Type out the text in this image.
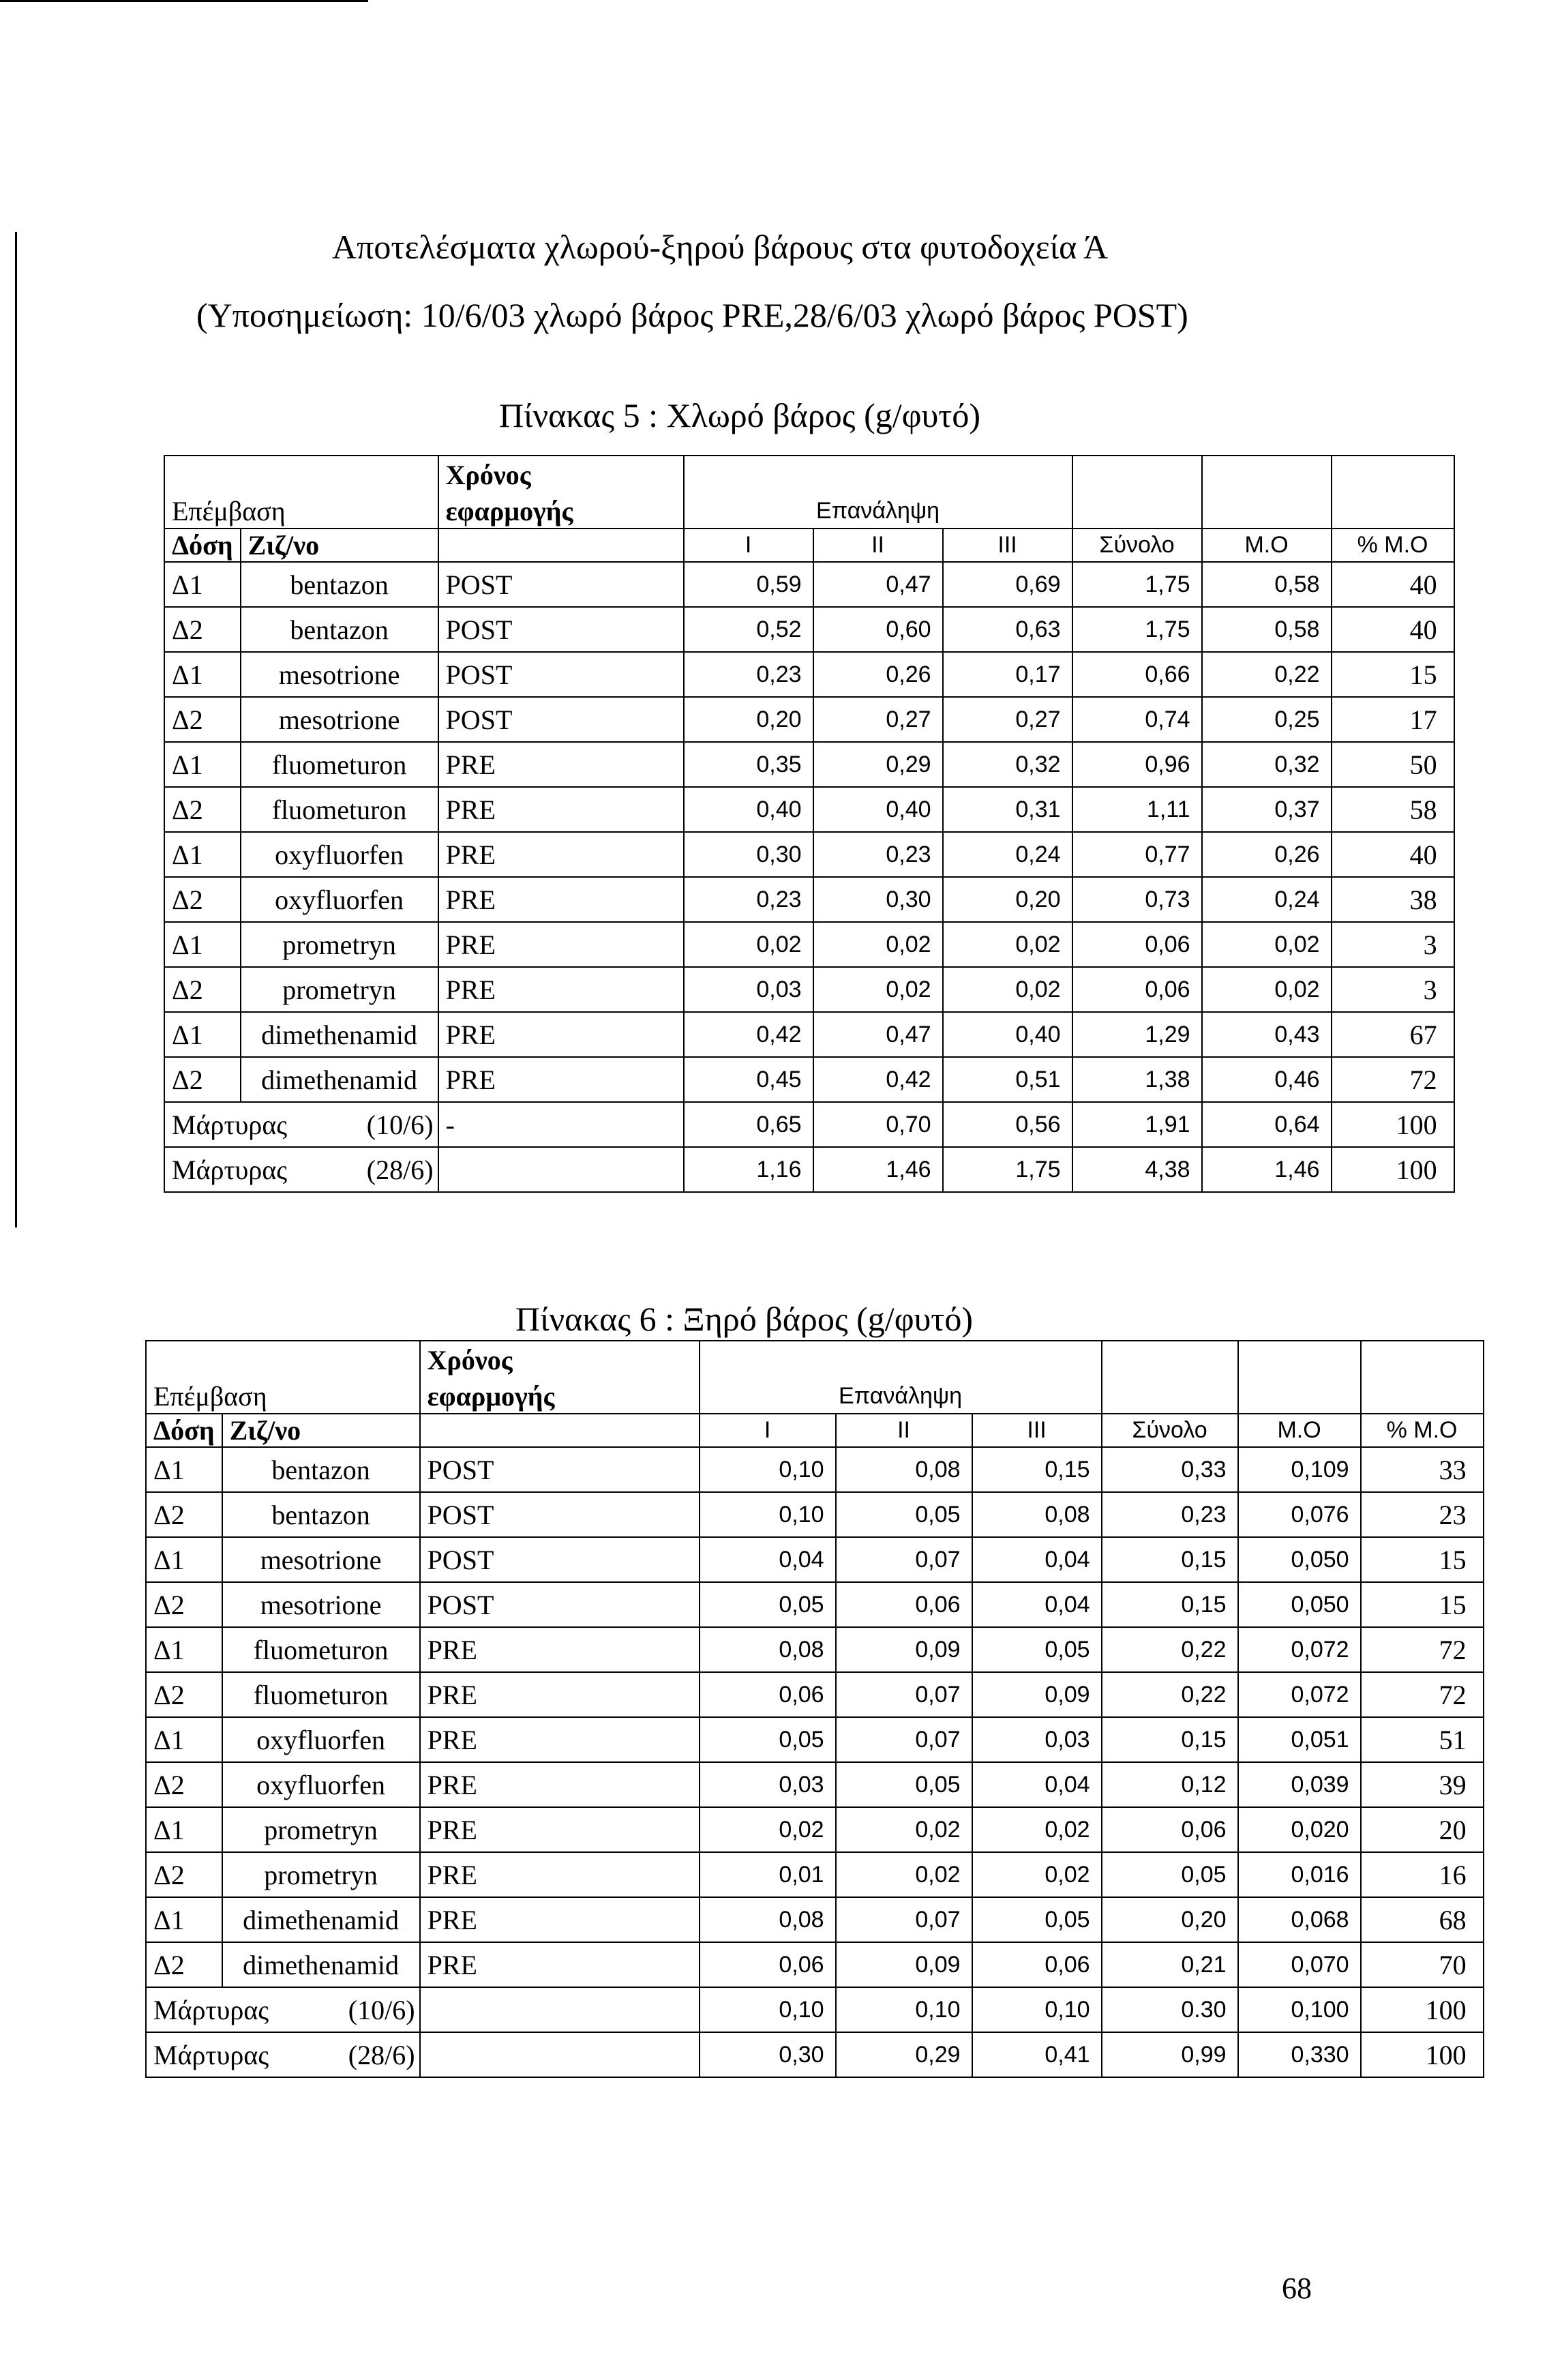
Αποτελέσματα χλωρού-ξηρού βάρους στα φυτοδοχεία Ά
(Υποσημείωση: 10/6/03 χλωρό βάρος PRE,28/6/03 χλωρό βάρος POST)
Πίνακας 5 : Χλωρό βάρος (g/φυτό)
		Χρόνος						
Επέμβαση		εφαρμογής	Επανάληψη					
Δόση	Ζιζ/νο		I	II	III	Σύνολο	Μ.Ο	% Μ.Ο
Δ1	bentazon	POST	0,59	0,47	0,69	1,75	0,58	40
Δ2	bentazon	POST	0,52	0,60	0,63	1,75	0,58	40
Δ1	mesotrione	POST	0,23	0,26	0,17	0,66	0,22	15
Δ2	mesotrione	POST	0,20	0,27	0,27	0,74	0,25	17
Δ1	fluometuron	PRE	0,35	0,29	0,32	0,96	0,32	50
Δ2	fluometuron	PRE	0,40	0,40	0,31	1,11	0,37	58
Δ1	oxyfluorfen	PRE	0,30	0,23	0,24	0,77	0,26	40
Δ2	oxyfluorfen	PRE	0,23	0,30	0,20	0,73	0,24	38
Δ1	prometryn	PRE	0,02	0,02	0,02	0,06	0,02	3
Δ2	prometryn	PRE	0,03	0,02	0,02	0,06	0,02	3
Δ1	dimethenamid	PRE	0,42	0,47	0,40	1,29	0,43	67
Δ2	dimethenamid	PRE	0,45	0,42	0,51	1,38	0,46	72
Μάρτυρας (10/6)		-	0,65	0,70	0,56	1,91	0,64	100
Μάρτυρας (28/6)			1,16	1,46	1,75	4,38	1,46	100
Πίνακας 6 : Ξηρό βάρος (g/φυτό)
		Χρόνος						
Επέμβαση		εφαρμογής	Επανάληψη					
Δόση	Ζιζ/νο		I	II	III	Σύνολο	Μ.Ο	% Μ.Ο
Δ1	bentazon	POST	0,10	0,08	0,15	0,33	0,109	33
Δ2	bentazon	POST	0,10	0,05	0,08	0,23	0,076	23
Δ1	mesotrione	POST	0,04	0,07	0,04	0,15	0,050	15
Δ2	mesotrione	POST	0,05	0,06	0,04	0,15	0,050	15
Δ1	fluometuron	PRE	0,08	0,09	0,05	0,22	0,072	72
Δ2	fluometuron	PRE	0,06	0,07	0,09	0,22	0,072	72
Δ1	oxyfluorfen	PRE	0,05	0,07	0,03	0,15	0,051	51
Δ2	oxyfluorfen	PRE	0,03	0,05	0,04	0,12	0,039	39
Δ1	prometryn	PRE	0,02	0,02	0,02	0,06	0,020	20
Δ2	prometryn	PRE	0,01	0,02	0,02	0,05	0,016	16
Δ1	dimethenamid	PRE	0,08	0,07	0,05	0,20	0,068	68
Δ2	dimethenamid	PRE	0,06	0,09	0,06	0,21	0,070	70
Μάρτυρας (10/6)			0,10	0,10	0,10	0.30	0,100	100
Μάρτυρας (28/6)			0,30	0,29	0,41	0,99	0,330	100
68
